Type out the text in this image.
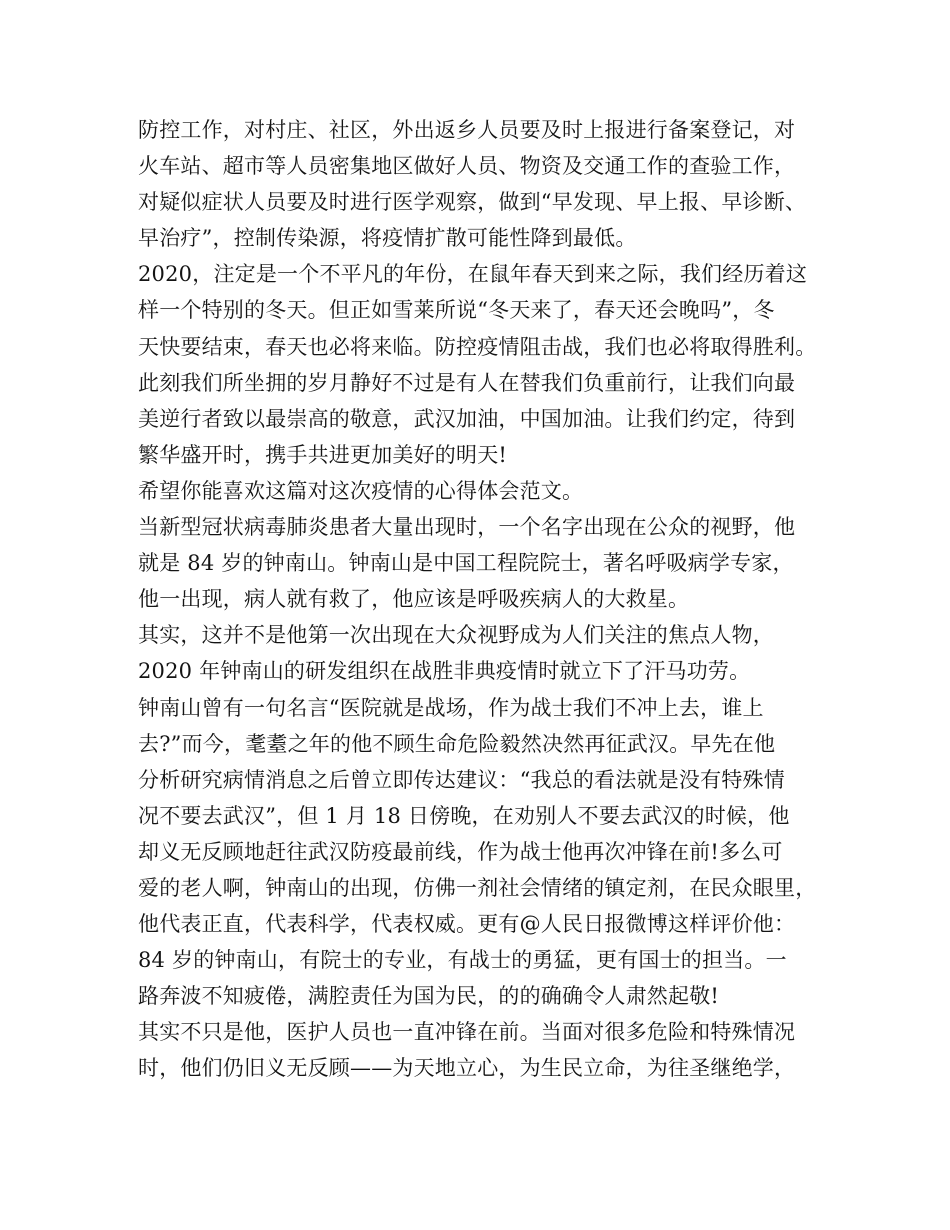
防控工作，对村庄、社区，外出返乡人员要及时上报进行备案登记，对
火车站、超市等人员密集地区做好人员、物资及交通工作的查验工作，
对疑似症状人员要及时进行医学观察，做到“早发现、早上报、早诊断、
早治疗”，控制传染源，将疫情扩散可能性降到最低。
2020，注定是一个不平凡的年份，在鼠年春天到来之际，我们经历着这
样一个特别的冬天。但正如雪莱所说“冬天来了，春天还会晚吗”，冬
天快要结束，春天也必将来临。防控疫情阻击战，我们也必将取得胜利。
此刻我们所坐拥的岁月静好不过是有人在替我们负重前行，让我们向最
美逆行者致以最崇高的敬意，武汉加油，中国加油。让我们约定，待到
繁华盛开时，携手共进更加美好的明天!
希望你能喜欢这篇对这次疫情的心得体会范文。
当新型冠状病毒肺炎患者大量出现时，一个名字出现在公众的视野，他
就是 84 岁的钟南山。钟南山是中国工程院院士，著名呼吸病学专家，
他一出现，病人就有救了，他应该是呼吸疾病人的大救星。
其实，这并不是他第一次出现在大众视野成为人们关注的焦点人物，
2020 年钟南山的研发组织在战胜非典疫情时就立下了汗马功劳。
钟南山曾有一句名言“医院就是战场，作为战士我们不冲上去，谁上
去?”而今，耄耋之年的他不顾生命危险毅然决然再征武汉。早先在他
分析研究病情消息之后曾立即传达建议：“我总的看法就是没有特殊情
况不要去武汉”，但 1 月 18 日傍晚，在劝别人不要去武汉的时候，他
却义无反顾地赶往武汉防疫最前线，作为战士他再次冲锋在前!多么可
爱的老人啊，钟南山的出现，仿佛一剂社会情绪的镇定剂，在民众眼里，
他代表正直，代表科学，代表权威。更有@人民日报微博这样评价他：
84 岁的钟南山，有院士的专业，有战士的勇猛，更有国士的担当。一
路奔波不知疲倦，满腔责任为国为民，的的确确令人肃然起敬!
其实不只是他，医护人员也一直冲锋在前。当面对很多危险和特殊情况
时，他们仍旧义无反顾——为天地立心，为生民立命，为往圣继绝学，
